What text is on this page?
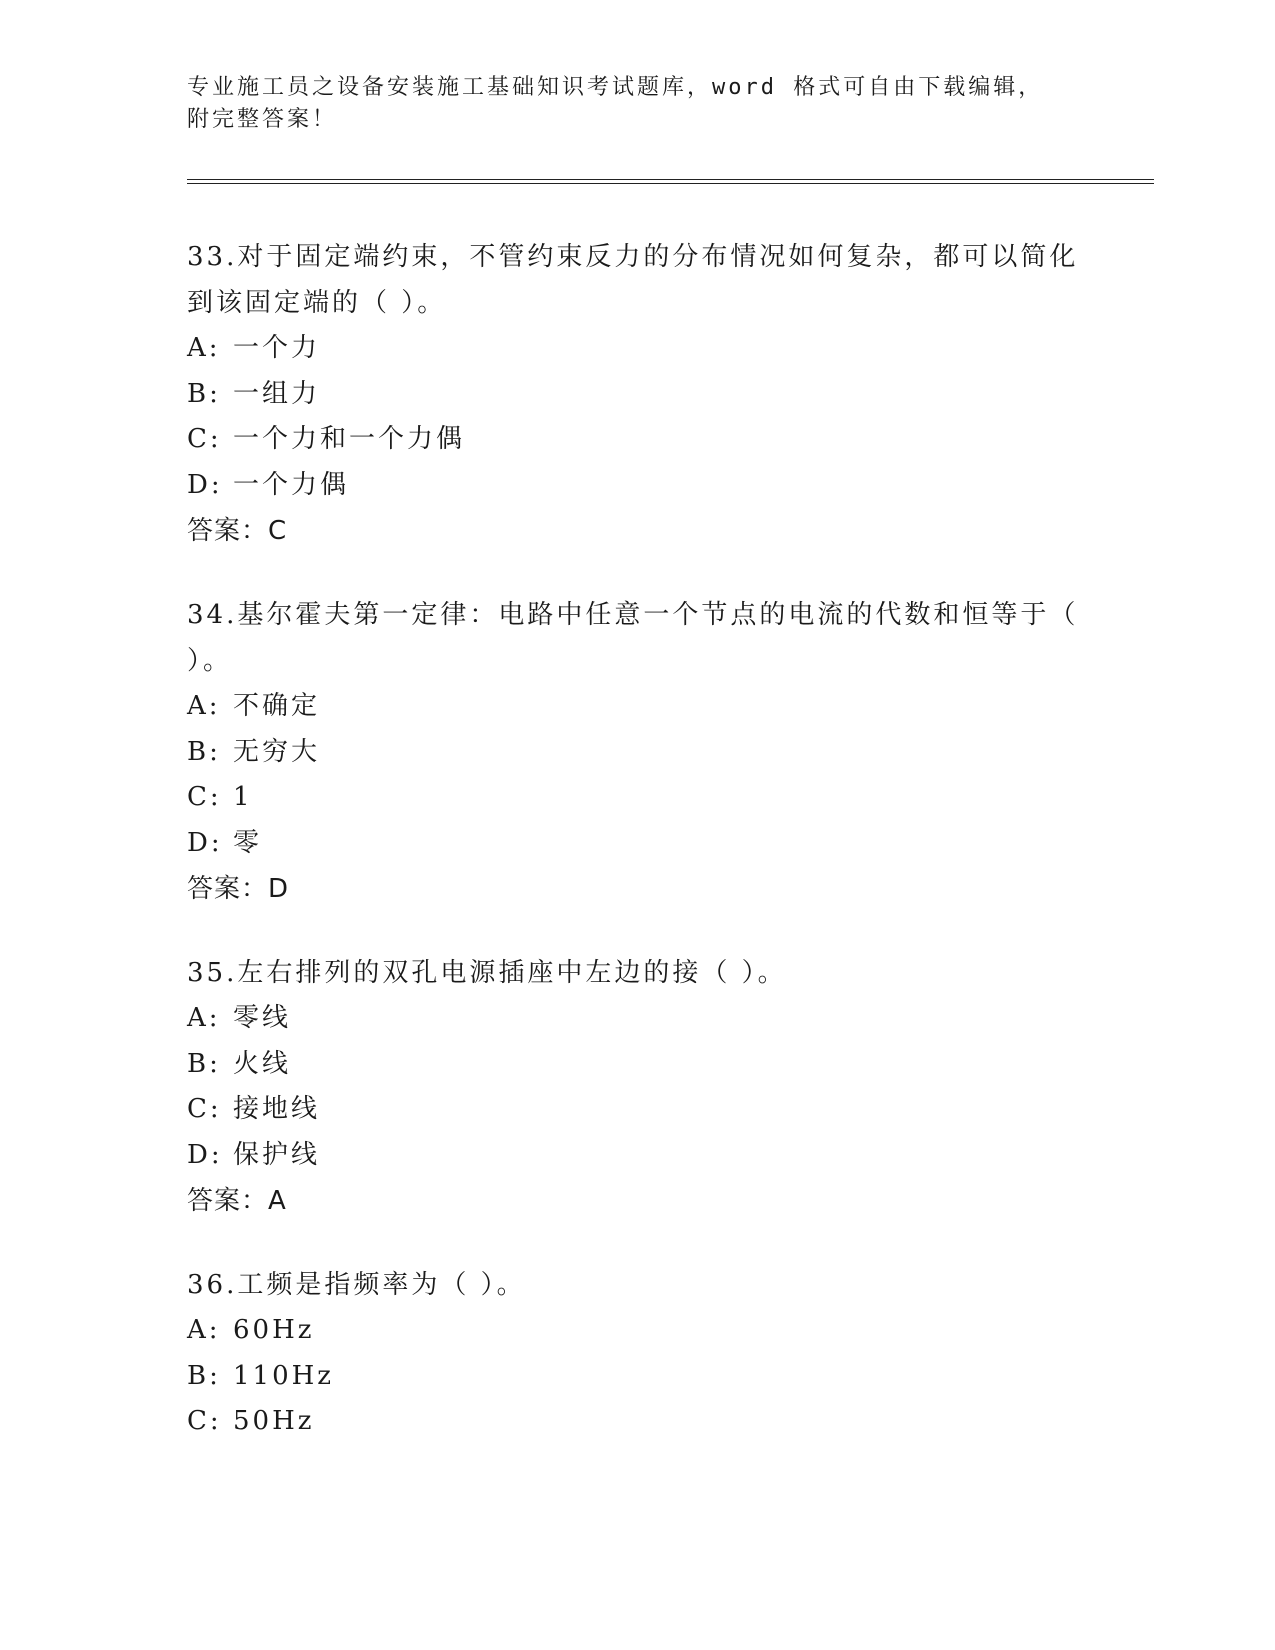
专业施工员之设备安装施工基础知识考试题库，word 格式可自由下载编辑，附完整答案！
33.对于固定端约束，不管约束反力的分布情况如何复杂，都可以简化到该固定端的（ ）。
A: 一个力
B: 一组力
C: 一个力和一个力偶
D: 一个力偶
答案：C
34.基尔霍夫第一定律：电路中任意一个节点的电流的代数和恒等于（ ）。
A: 不确定
B: 无穷大
C: 1
D: 零
答案：D
35.左右排列的双孔电源插座中左边的接（ ）。
A: 零线
B: 火线
C: 接地线
D: 保护线
答案：A
36.工频是指频率为（ ）。
A: 60Hz
B: 110Hz
C: 50Hz
